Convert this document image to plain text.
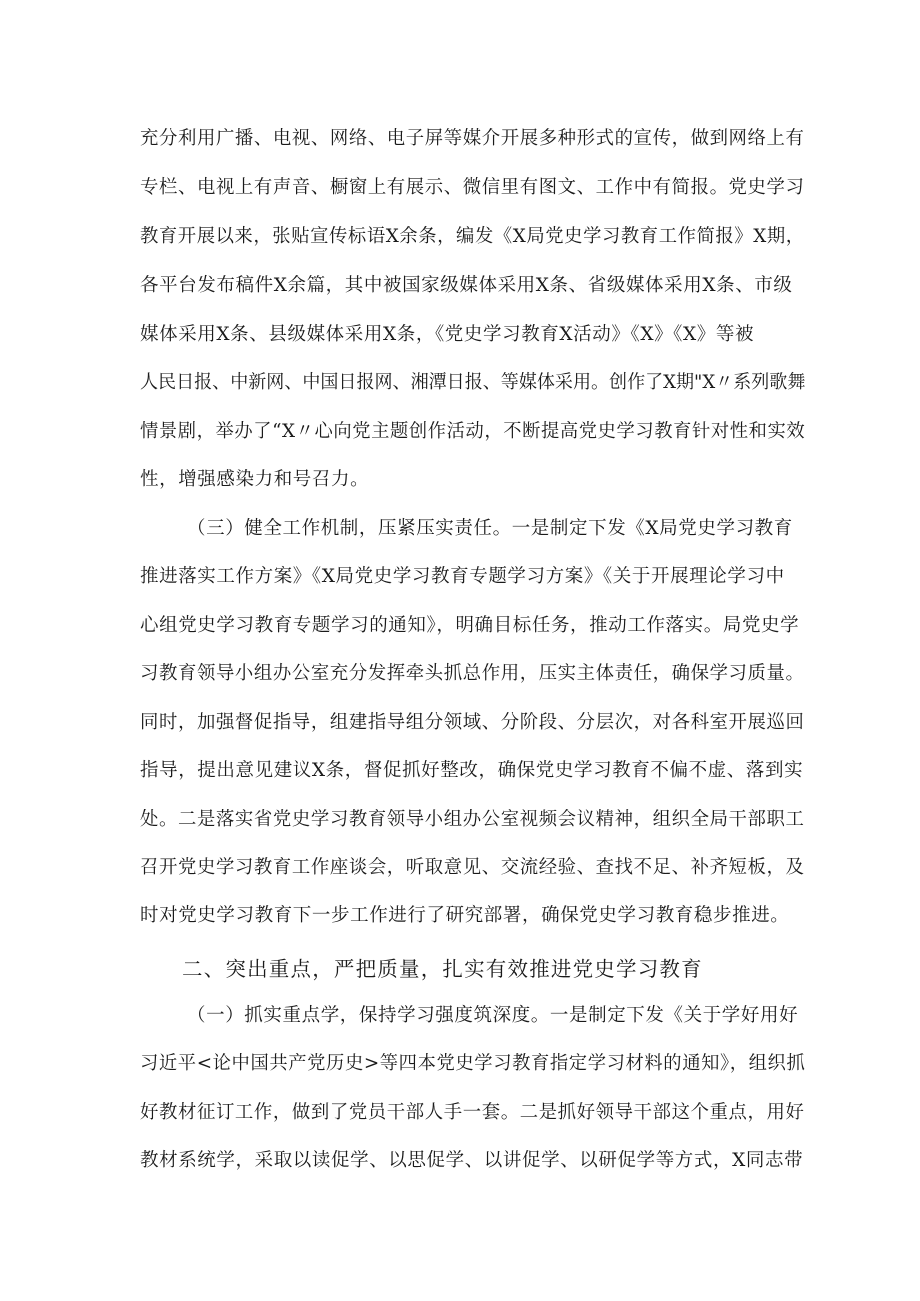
充分利用广播、电视、网络、电子屏等媒介开展多种形式的宣传，做到网络上有
专栏、电视上有声音、橱窗上有展示、微信里有图文、工作中有简报。党史学习
教育开展以来，张贴宣传标语X余条，编发《X局党史学习教育工作简报》X期，
各平台发布稿件X余篇，其中被国家级媒体采用X条、省级媒体采用X条、市级
媒体采用X条、县级媒体采用X条，《党史学习教育X活动》《X》《X》等被
人民日报、中新网、中国日报网、湘潭日报、等媒体采用。创作了X期"X〃系列歌舞
情景剧，举办了“X〃心向党主题创作活动，不断提高党史学习教育针对性和实效
性，增强感染力和号召力。
（三）健全工作机制，压紧压实责任。一是制定下发《X局党史学习教育
推进落实工作方案》《X局党史学习教育专题学习方案》《关于开展理论学习中
心组党史学习教育专题学习的通知》，明确目标任务，推动工作落实。局党史学
习教育领导小组办公室充分发挥牵头抓总作用，压实主体责任，确保学习质量。
同时，加强督促指导，组建指导组分领域、分阶段、分层次，对各科室开展巡回
指导，提出意见建议X条，督促抓好整改，确保党史学习教育不偏不虚、落到实
处。二是落实省党史学习教育领导小组办公室视频会议精神，组织全局干部职工
召开党史学习教育工作座谈会，听取意见、交流经验、查找不足、补齐短板，及
时对党史学习教育下一步工作进行了研究部署，确保党史学习教育稳步推进。
二、突出重点，严把质量，扎实有效推进党史学习教育
（一）抓实重点学，保持学习强度筑深度。一是制定下发《关于学好用好
习近平<论中国共产党历史>等四本党史学习教育指定学习材料的通知》，组织抓
好教材征订工作，做到了党员干部人手一套。二是抓好领导干部这个重点，用好
教材系统学，采取以读促学、以思促学、以讲促学、以研促学等方式，X同志带
